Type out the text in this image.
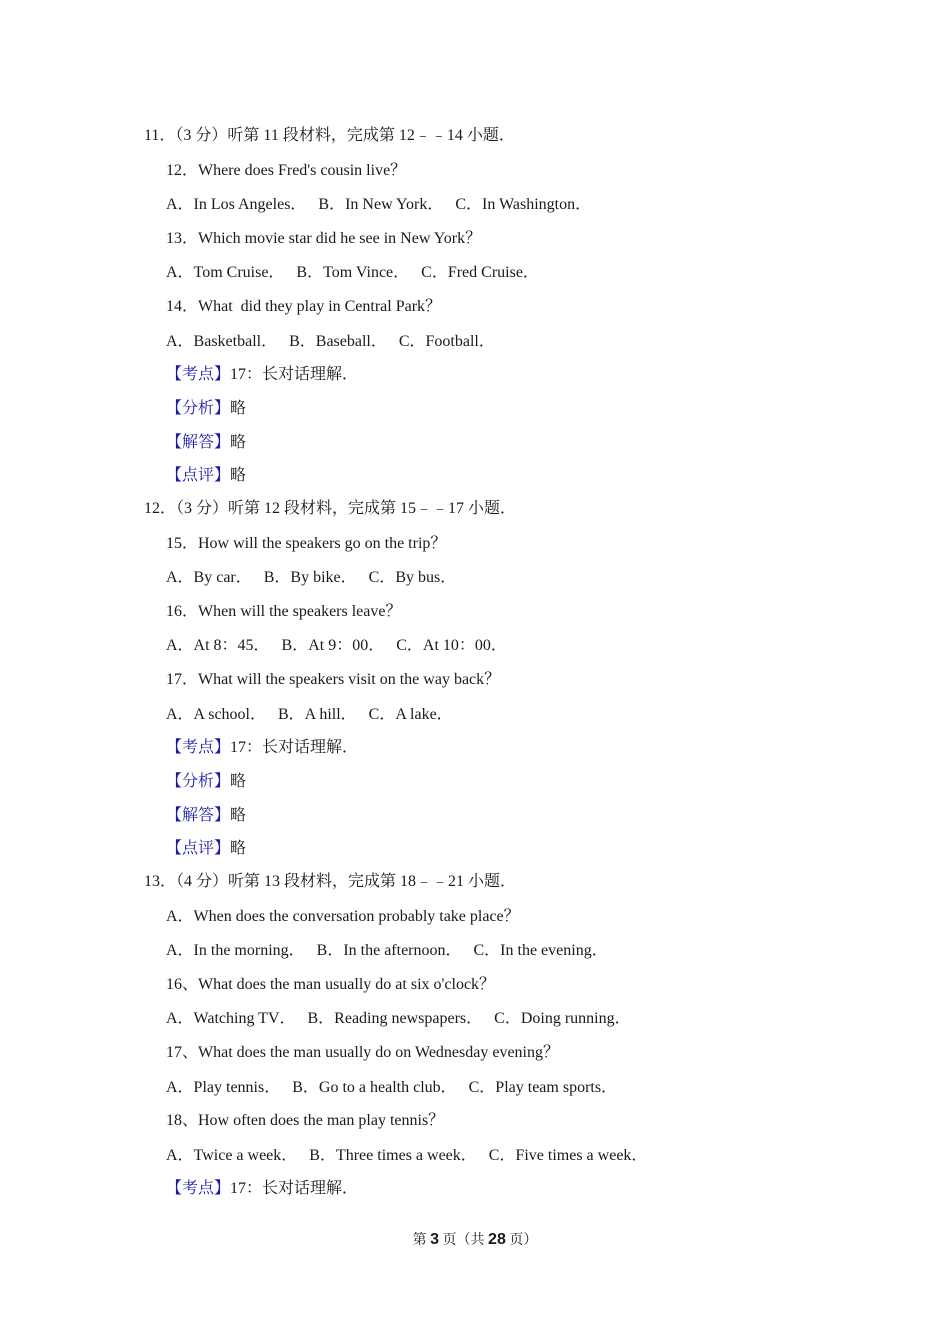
11．（3 分）听第 11 段材料，完成第 12﹣﹣14 小题．
12．Where does Fred's cousin live？
A．In Los Angeles．   B．In New York．   C．In Washington．
13．Which movie star did he see in New York？
A．Tom Cruise．   B．Tom Vince．   C．Fred Cruise．
14．What  did they play in Central Park？
A．Basketball．   B．Baseball．   C．Football．
【考点】17：长对话理解．
【分析】略
【解答】略
【点评】略
12．（3 分）听第 12 段材料，完成第 15﹣﹣17 小题．
15．How will the speakers go on the trip？
A．By car．   B．By bike．   C．By bus．
16．When will the speakers leave？
A．At 8：45．   B．At 9：00．   C．At 10：00．
17．What will the speakers visit on the way back？
A．A school．   B．A hill．   C．A lake．
【考点】17：长对话理解．
【分析】略
【解答】略
【点评】略
13．（4 分）听第 13 段材料，完成第 18﹣﹣21 小题．
A．When does the conversation probably take place？
A．In the morning．   B．In the afternoon．   C．In the evening．
16、What does the man usually do at six o'clock？
A．Watching TV．   B．Reading newspapers．   C．Doing running．
17、What does the man usually do on Wednesday evening？
A．Play tennis．   B．Go to a health club．   C．Play team sports．
18、How often does the man play tennis？
A．Twice a week．   B．Three times a week．   C．Five times a week．
【考点】17：长对话理解．
第 3 页（共 28 页）
